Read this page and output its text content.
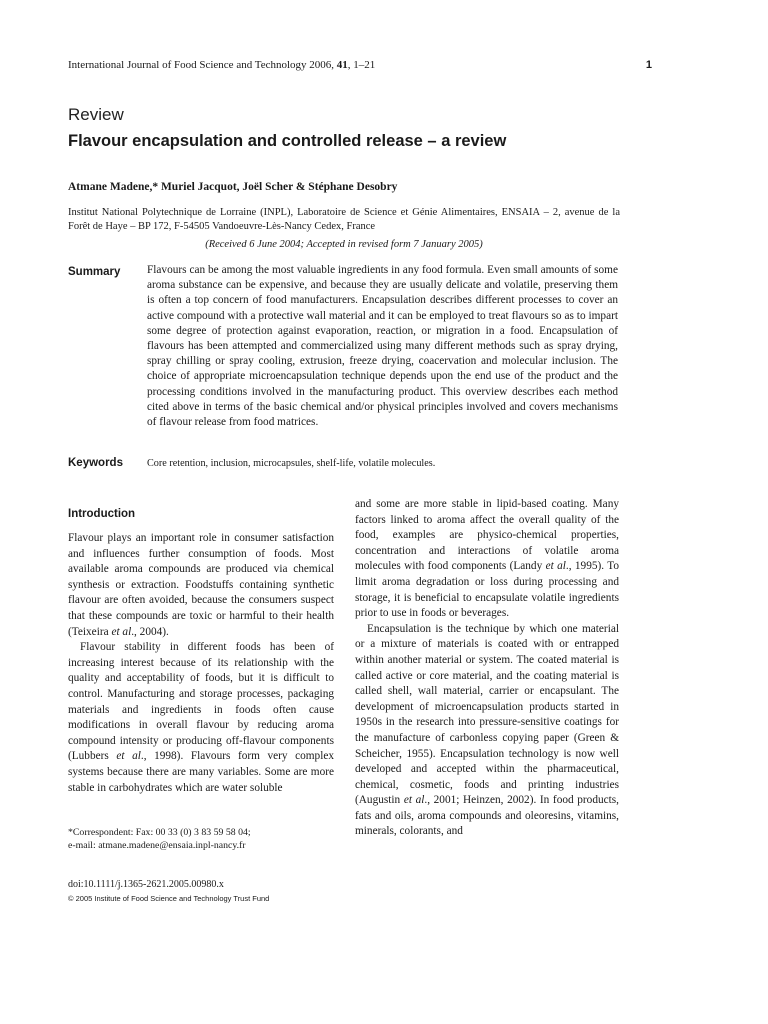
International Journal of Food Science and Technology 2006, 41, 1–21	1
Review
Flavour encapsulation and controlled release – a review
Atmane Madene,* Muriel Jacquot, Joël Scher & Stéphane Desobry
Institut National Polytechnique de Lorraine (INPL), Laboratoire de Science et Génie Alimentaires, ENSAIA – 2, avenue de la Forêt de Haye – BP 172, F-54505 Vandoeuvre-Lès-Nancy Cedex, France
(Received 6 June 2004; Accepted in revised form 7 January 2005)
Summary Flavours can be among the most valuable ingredients in any food formula. Even small amounts of some aroma substance can be expensive, and because they are usually delicate and volatile, preserving them is often a top concern of food manufacturers. Encapsulation describes different processes to cover an active compound with a protective wall material and it can be employed to treat flavours so as to impart some degree of protection against evaporation, reaction, or migration in a food. Encapsulation of flavours has been attempted and commercialized using many different methods such as spray drying, spray chilling or spray cooling, extrusion, freeze drying, coacervation and molecular inclusion. The choice of appropriate microencapsulation technique depends upon the end use of the product and the processing conditions involved in the manufacturing product. This overview describes each method cited above in terms of the basic chemical and/or physical principles involved and covers mechanisms of flavour release from food matrices.
Keywords Core retention, inclusion, microcapsules, shelf-life, volatile molecules.
Introduction

Flavour plays an important role in consumer satisfaction and influences further consumption of foods. Most available aroma compounds are produced via chemical synthesis or extraction. Foodstuffs containing synthetic flavour are often avoided, because the consumers suspect that these compounds are toxic or harmful to their health (Teixeira et al., 2004).

Flavour stability in different foods has been of increasing interest because of its relationship with the quality and acceptability of foods, but it is difficult to control. Manufacturing and storage processes, packaging materials and ingredients in foods often cause modifications in overall flavour by reducing aroma compound intensity or producing off-flavour components (Lubbers et al., 1998). Flavours form very complex systems because there are many variables. Some are more stable in carbohydrates which are water soluble

and some are more stable in lipid-based coating. Many factors linked to aroma affect the overall quality of the food, examples are physico-chemical properties, concentration and interactions of volatile aroma molecules with food components (Landy et al., 1995). To limit aroma degradation or loss during processing and storage, it is beneficial to encapsulate volatile ingredients prior to use in foods or beverages.

Encapsulation is the technique by which one material or a mixture of materials is coated with or entrapped within another material or system. The coated material is called active or core material, and the coating material is called shell, wall material, carrier or encapsulant. The development of microencapsulation products started in 1950s in the research into pressure-sensitive coatings for the manufacture of carbonless copying paper (Green & Scheicher, 1955). Encapsulation technology is now well developed and accepted within the pharmaceutical, chemical, cosmetic, foods and printing industries (Augustin et al., 2001; Heinzen, 2002). In food products, fats and oils, aroma compounds and oleoresins, vitamins, minerals, colorants, and

*Correspondent: Fax: 00 33 (0) 3 83 59 58 04;
e-mail: atmane.madene@ensaia.inpl-nancy.fr
doi:10.1111/j.1365-2621.2005.00980.x
© 2005 Institute of Food Science and Technology Trust Fund
